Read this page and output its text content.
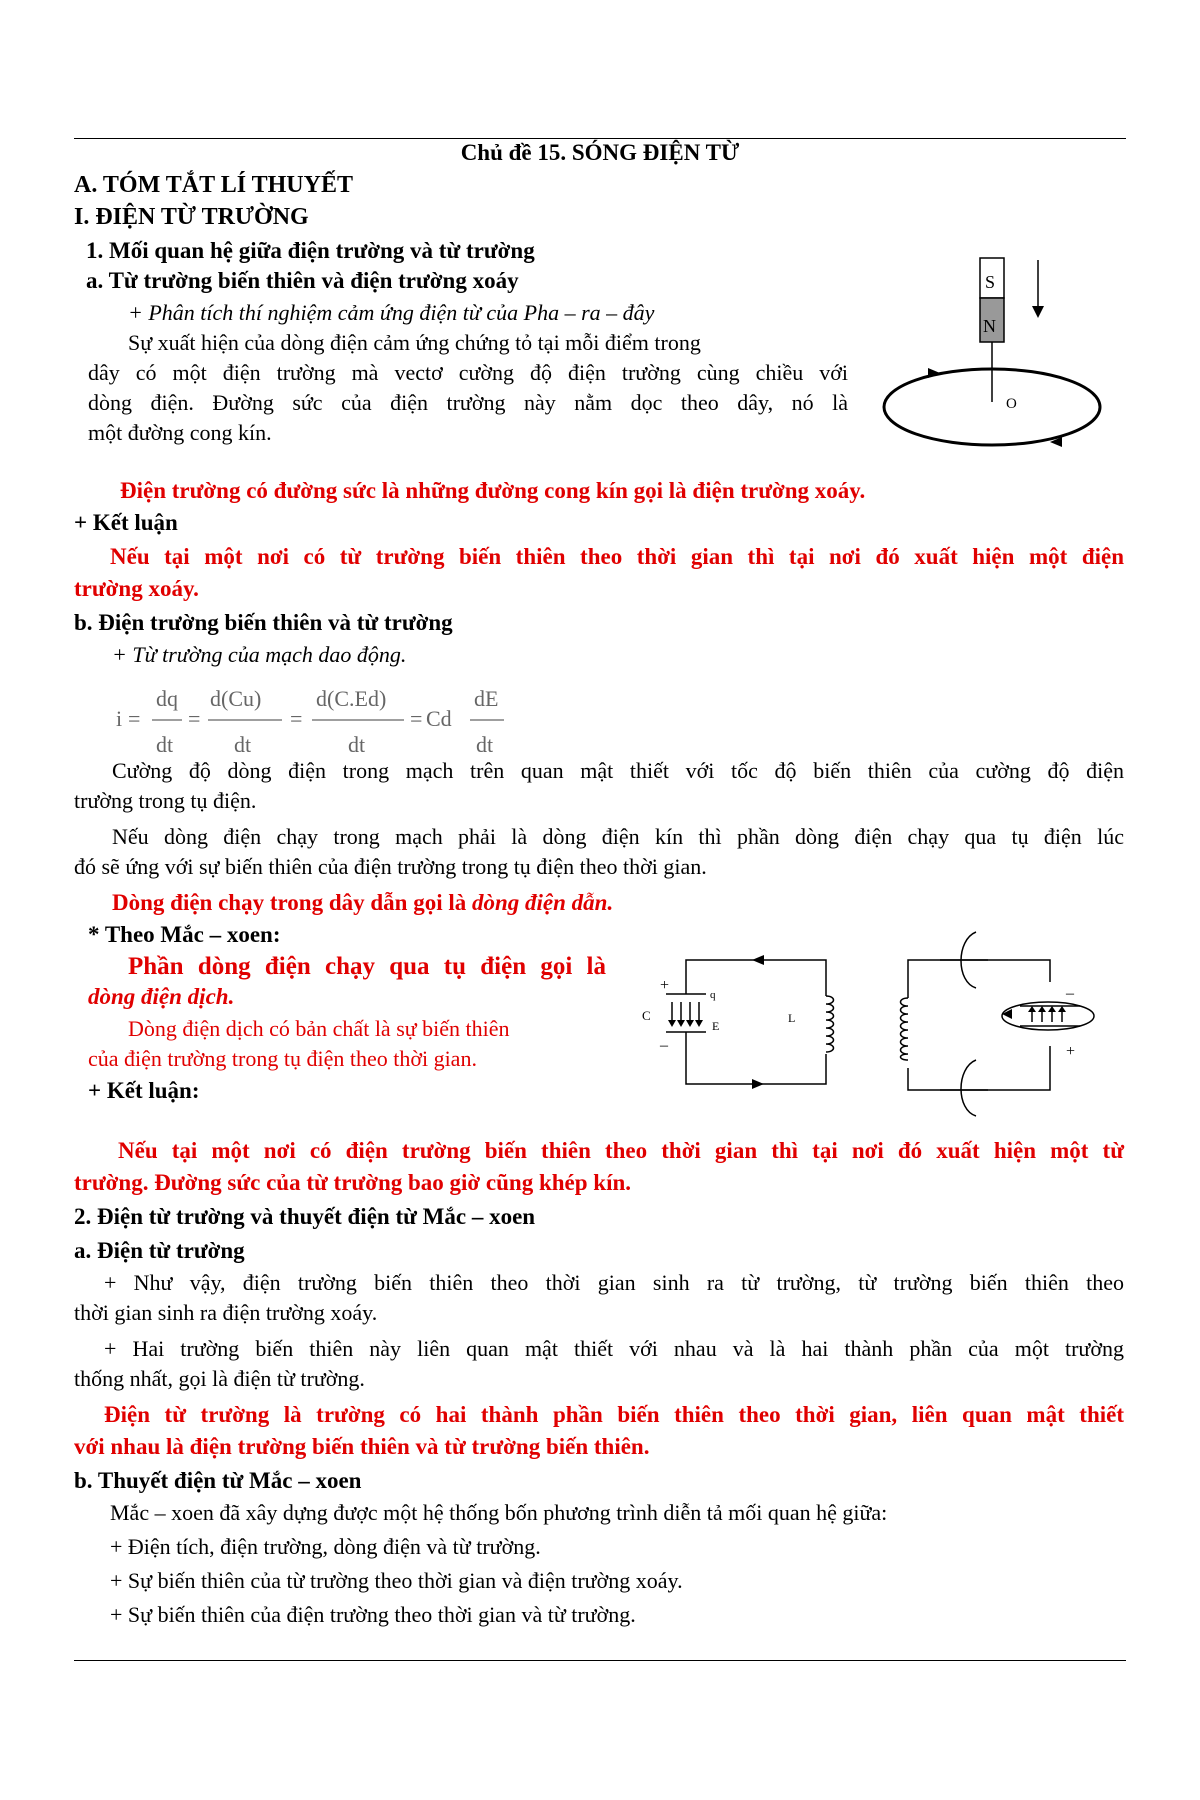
Chủ đề 15. SÓNG ĐIỆN TỪ

A. TÓM TẮT LÍ THUYẾT

I. ĐIỆN TỪ TRƯỜNG

1. Mối quan hệ giữa điện trường và từ trường

a. Từ trường biến thiên và điện trường xoáy

+ Phân tích thí nghiệm cảm ứng điện từ của Pha – ra – đây

Sự xuất hiện của dòng điện cảm ứng chứng tỏ tại mỗi điểm trong

dây có một điện trường mà vectơ cường độ điện trường cùng chiều với

dòng điện. Đường sức của điện trường này nằm dọc theo dây, nó là

một đường cong kín.

S
N
O

Điện trường có đường sức là những đường cong kín gọi là điện trường xoáy.

+ Kết luận

Nếu tại một nơi có từ trường biến thiên theo thời gian thì tại nơi đó xuất hiện một điện

trường xoáy.

b. Điện trường biến thiên và từ trường

+ Từ trường của mạch dao động.

i =
dq
dt
=
d(Cu)
dt
=
d(C.Ed)
dt
= Cd
dE
dt

Cường độ dòng điện trong mạch trên quan mật thiết với tốc độ biến thiên của cường độ điện

trường trong tụ điện.

Nếu dòng điện chạy trong mạch phải là dòng điện kín thì phần dòng điện chạy qua tụ điện lúc

đó sẽ ứng với sự biến thiên của điện trường trong tụ điện theo thời gian.

Dòng điện chạy trong dây dẫn gọi là dòng điện dẫn.

* Theo Mắc – xoen:

Phần dòng điện chạy qua tụ điện gọi là

dòng điện dịch.

Dòng điện dịch có bản chất là sự biến thiên

của điện trường trong tụ điện theo thời gian.

+ Kết luận:

+
–
C
q
E
L
–
+

Nếu tại một nơi có điện trường biến thiên theo thời gian thì tại nơi đó xuất hiện một từ

trường. Đường sức của từ trường bao giờ cũng khép kín.

2. Điện từ trường và thuyết điện từ Mắc – xoen

a. Điện từ trường

+ Như vậy, điện trường biến thiên theo thời gian sinh ra từ trường, từ trường biến thiên theo

thời gian sinh ra điện trường xoáy.

+ Hai trường biến thiên này liên quan mật thiết với nhau và là hai thành phần của một trường

thống nhất, gọi là điện từ trường.

Điện từ trường là trường có hai thành phần biến thiên theo thời gian, liên quan mật thiết

với nhau là điện trường biến thiên và từ trường biến thiên.

b. Thuyết điện từ Mắc – xoen

Mắc – xoen đã xây dựng được một hệ thống bốn phương trình diễn tả mối quan hệ giữa:

+ Điện tích, điện trường, dòng điện và từ trường.

+ Sự biến thiên của từ trường theo thời gian và điện trường xoáy.

+ Sự biến thiên của điện trường theo thời gian và từ trường.
